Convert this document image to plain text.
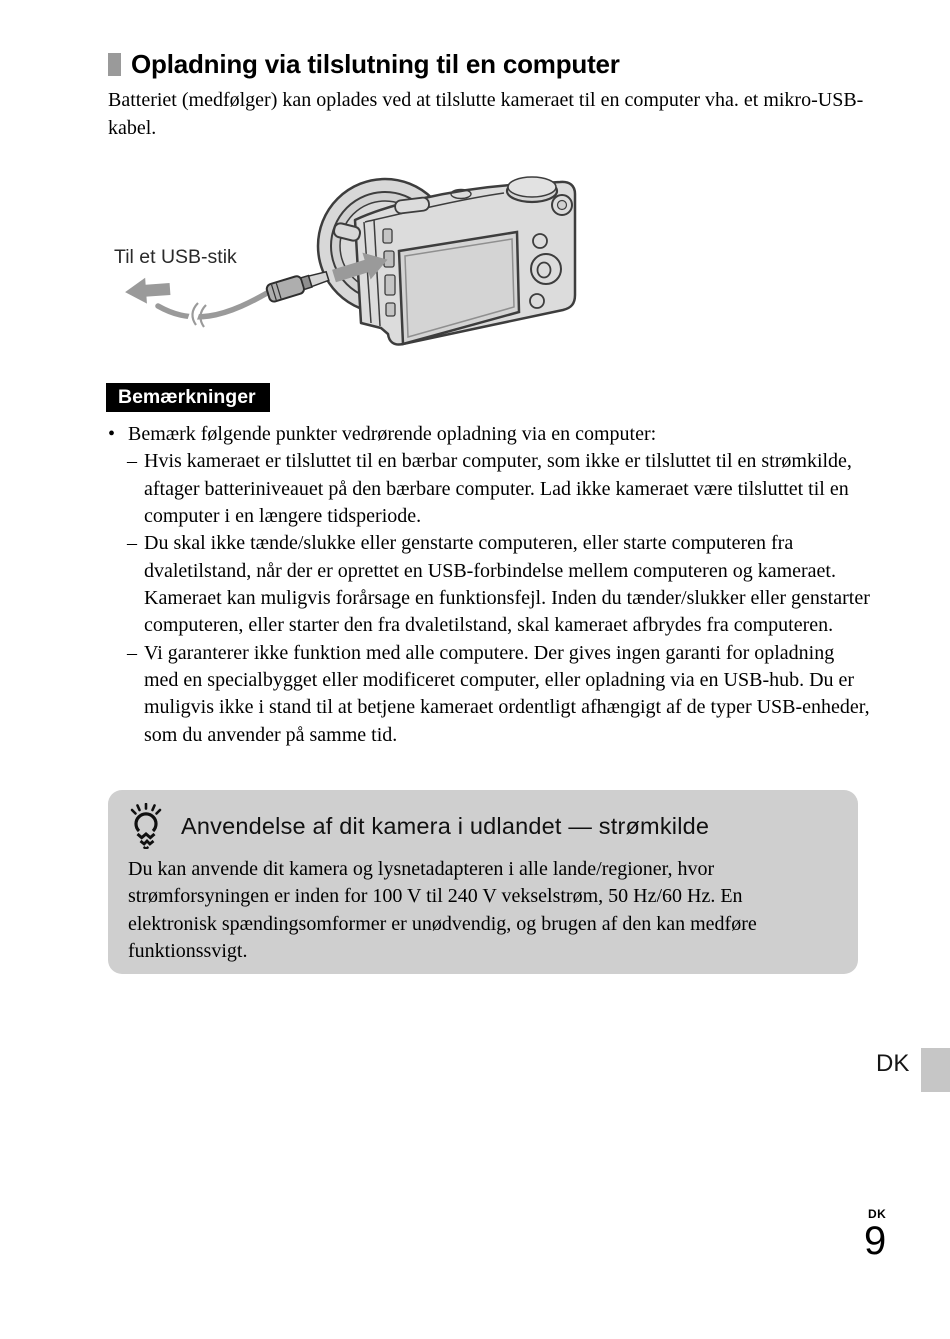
Opladning via tilslutning til en computer
Batteriet (medfølger) kan oplades ved at tilslutte kameraet til en computer vha. et mikro-USB-kabel.
Til et USB-stik
Bemærkninger
• Bemærk følgende punkter vedrørende opladning via en computer:
– Hvis kameraet er tilsluttet til en bærbar computer, som ikke er tilsluttet til en strømkilde, aftager batteriniveauet på den bærbare computer. Lad ikke kameraet være tilsluttet til en computer i en længere tidsperiode.
– Du skal ikke tænde/slukke eller genstarte computeren, eller starte computeren fra dvaletilstand, når der er oprettet en USB-forbindelse mellem computeren og kameraet. Kameraet kan muligvis forårsage en funktionsfejl. Inden du tænder/slukker eller genstarter computeren, eller starter den fra dvaletilstand, skal kameraet afbrydes fra computeren.
– Vi garanterer ikke funktion med alle computere. Der gives ingen garanti for opladning med en specialbygget eller modificeret computer, eller opladning via en USB-hub. Du er muligvis ikke i stand til at betjene kameraet ordentligt afhængigt af de typer USB-enheder, som du anvender på samme tid.
Anvendelse af dit kamera i udlandet — strømkilde
Du kan anvende dit kamera og lysnetadapteren i alle lande/regioner, hvor strømforsyningen er inden for 100 V til 240 V vekselstrøm, 50 Hz/60 Hz. En elektronisk spændingsomformer er unødvendig, og brugen af den kan medføre funktionssvigt.
DK
DK
9
